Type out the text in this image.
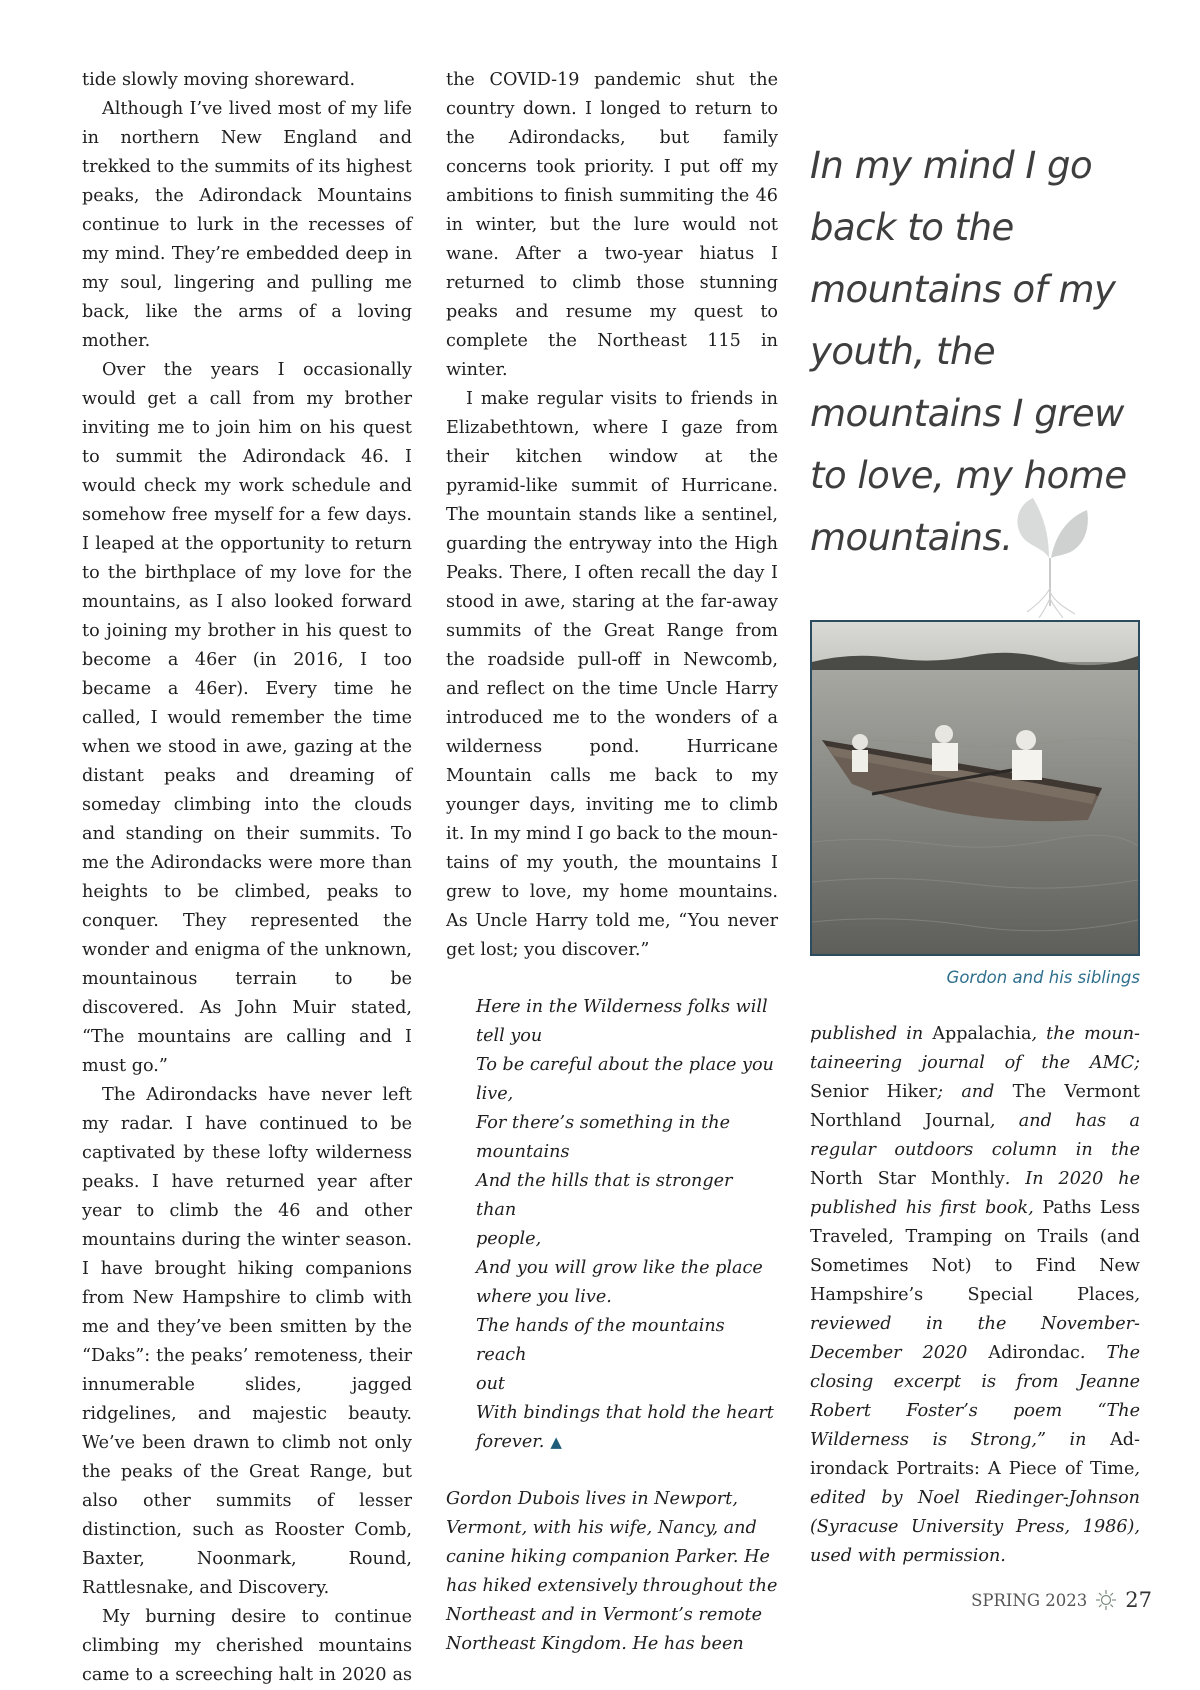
tide slowly moving shoreward.

Although I’ve lived most of my life in northern New England and trekked to the summits of its highest peaks, the Adirondack Mountains continue to lurk in the recesses of my mind. They’re embedded deep in my soul, lingering and pulling me back, like the arms of a loving mother.

Over the years I occasionally would get a call from my brother inviting me to join him on his quest to summit the Adirondack 46. I would check my work schedule and somehow free myself for a few days. I leaped at the opportunity to return to the birthplace of my love for the mountains, as I also looked forward to joining my brother in his quest to become a 46er (in 2016, I too became a 46er). Every time he called, I would remember the time when we stood in awe, gazing at the distant peaks and dreaming of someday climbing into the clouds and standing on their summits. To me the Adirondacks were more than heights to be climbed, peaks to conquer. They represented the wonder and enigma of the unknown, mountainous terrain to be discovered. As John Muir stated, “The mountains are calling and I must go.”

The Adirondacks have never left my radar. I have continued to be captivated by these lofty wilderness peaks. I have returned year after year to climb the 46 and other mountains during the winter season. I have brought hiking companions from New Hampshire to climb with me and they’ve been smitten by the “Daks”: the peaks’ remoteness, their innumerable slides, jagged ridgelines, and majestic beauty. We’ve been drawn to climb not only the peaks of the Great Range, but also other summits of lesser distinction, such as Rooster Comb, Baxter, Noonmark, Round, Rattlesnake, and Discovery.

My burning desire to continue climbing my cherished mountains came to a screeching halt in 2020 as

the COVID-19 pandemic shut the country down. I longed to return to the Adirondacks, but family concerns took priority. I put off my ambitions to finish summiting the 46 in winter, but the lure would not wane. After a two-year hiatus I returned to climb those stunning peaks and resume my quest to complete the Northeast 115 in winter.

I make regular visits to friends in Elizabethtown, where I gaze from their kitchen window at the pyramid-like summit of Hurricane. The mountain stands like a sentinel, guarding the entryway into the High Peaks. There, I often recall the day I stood in awe, staring at the far-away summits of the Great Range from the roadside pull-off in Newcomb, and reflect on the time Uncle Harry introduced me to the wonders of a wilderness pond. Hurricane Mountain calls me back to my younger days, inviting me to climb it. In my mind I go back to the mountains of my youth, the mountains I grew to love, my home mountains. As Uncle Harry told me, “You never get lost; you discover.”

Here in the Wilderness folks will
tell you
To be careful about the place you
live,
For there’s something in the
mountains
And the hills that is stronger than
people,
And you will grow like the place
where you live.
The hands of the mountains reach
out
With bindings that hold the heart
forever. ▲

Gordon Dubois lives in Newport, Vermont, with his wife, Nancy, and canine hiking companion Parker. He has hiked extensively throughout the Northeast and in Vermont’s remote Northeast Kingdom. He has been

In my mind I go back to the mountains of my youth, the mountains I grew to love, my home mountains.
Gordon and his siblings

published in Appalachia, the mountaineering journal of the AMC; Senior Hiker; and The Vermont Northland Journal, and has a regular outdoors column in the North Star Monthly. In 2020 he published his first book, Paths Less Traveled, Tramping on Trails (and Sometimes Not) to Find New Hampshire’s Special Places, reviewed in the November-December 2020 Adirondac. The closing excerpt is from Jeanne Robert Foster’s poem “The Wilderness is Strong,” in Adirondack Portraits: A Piece of Time, edited by Noel Riedinger-Johnson (Syracuse University Press, 1986), used with permission.

SPRING 2023 27
